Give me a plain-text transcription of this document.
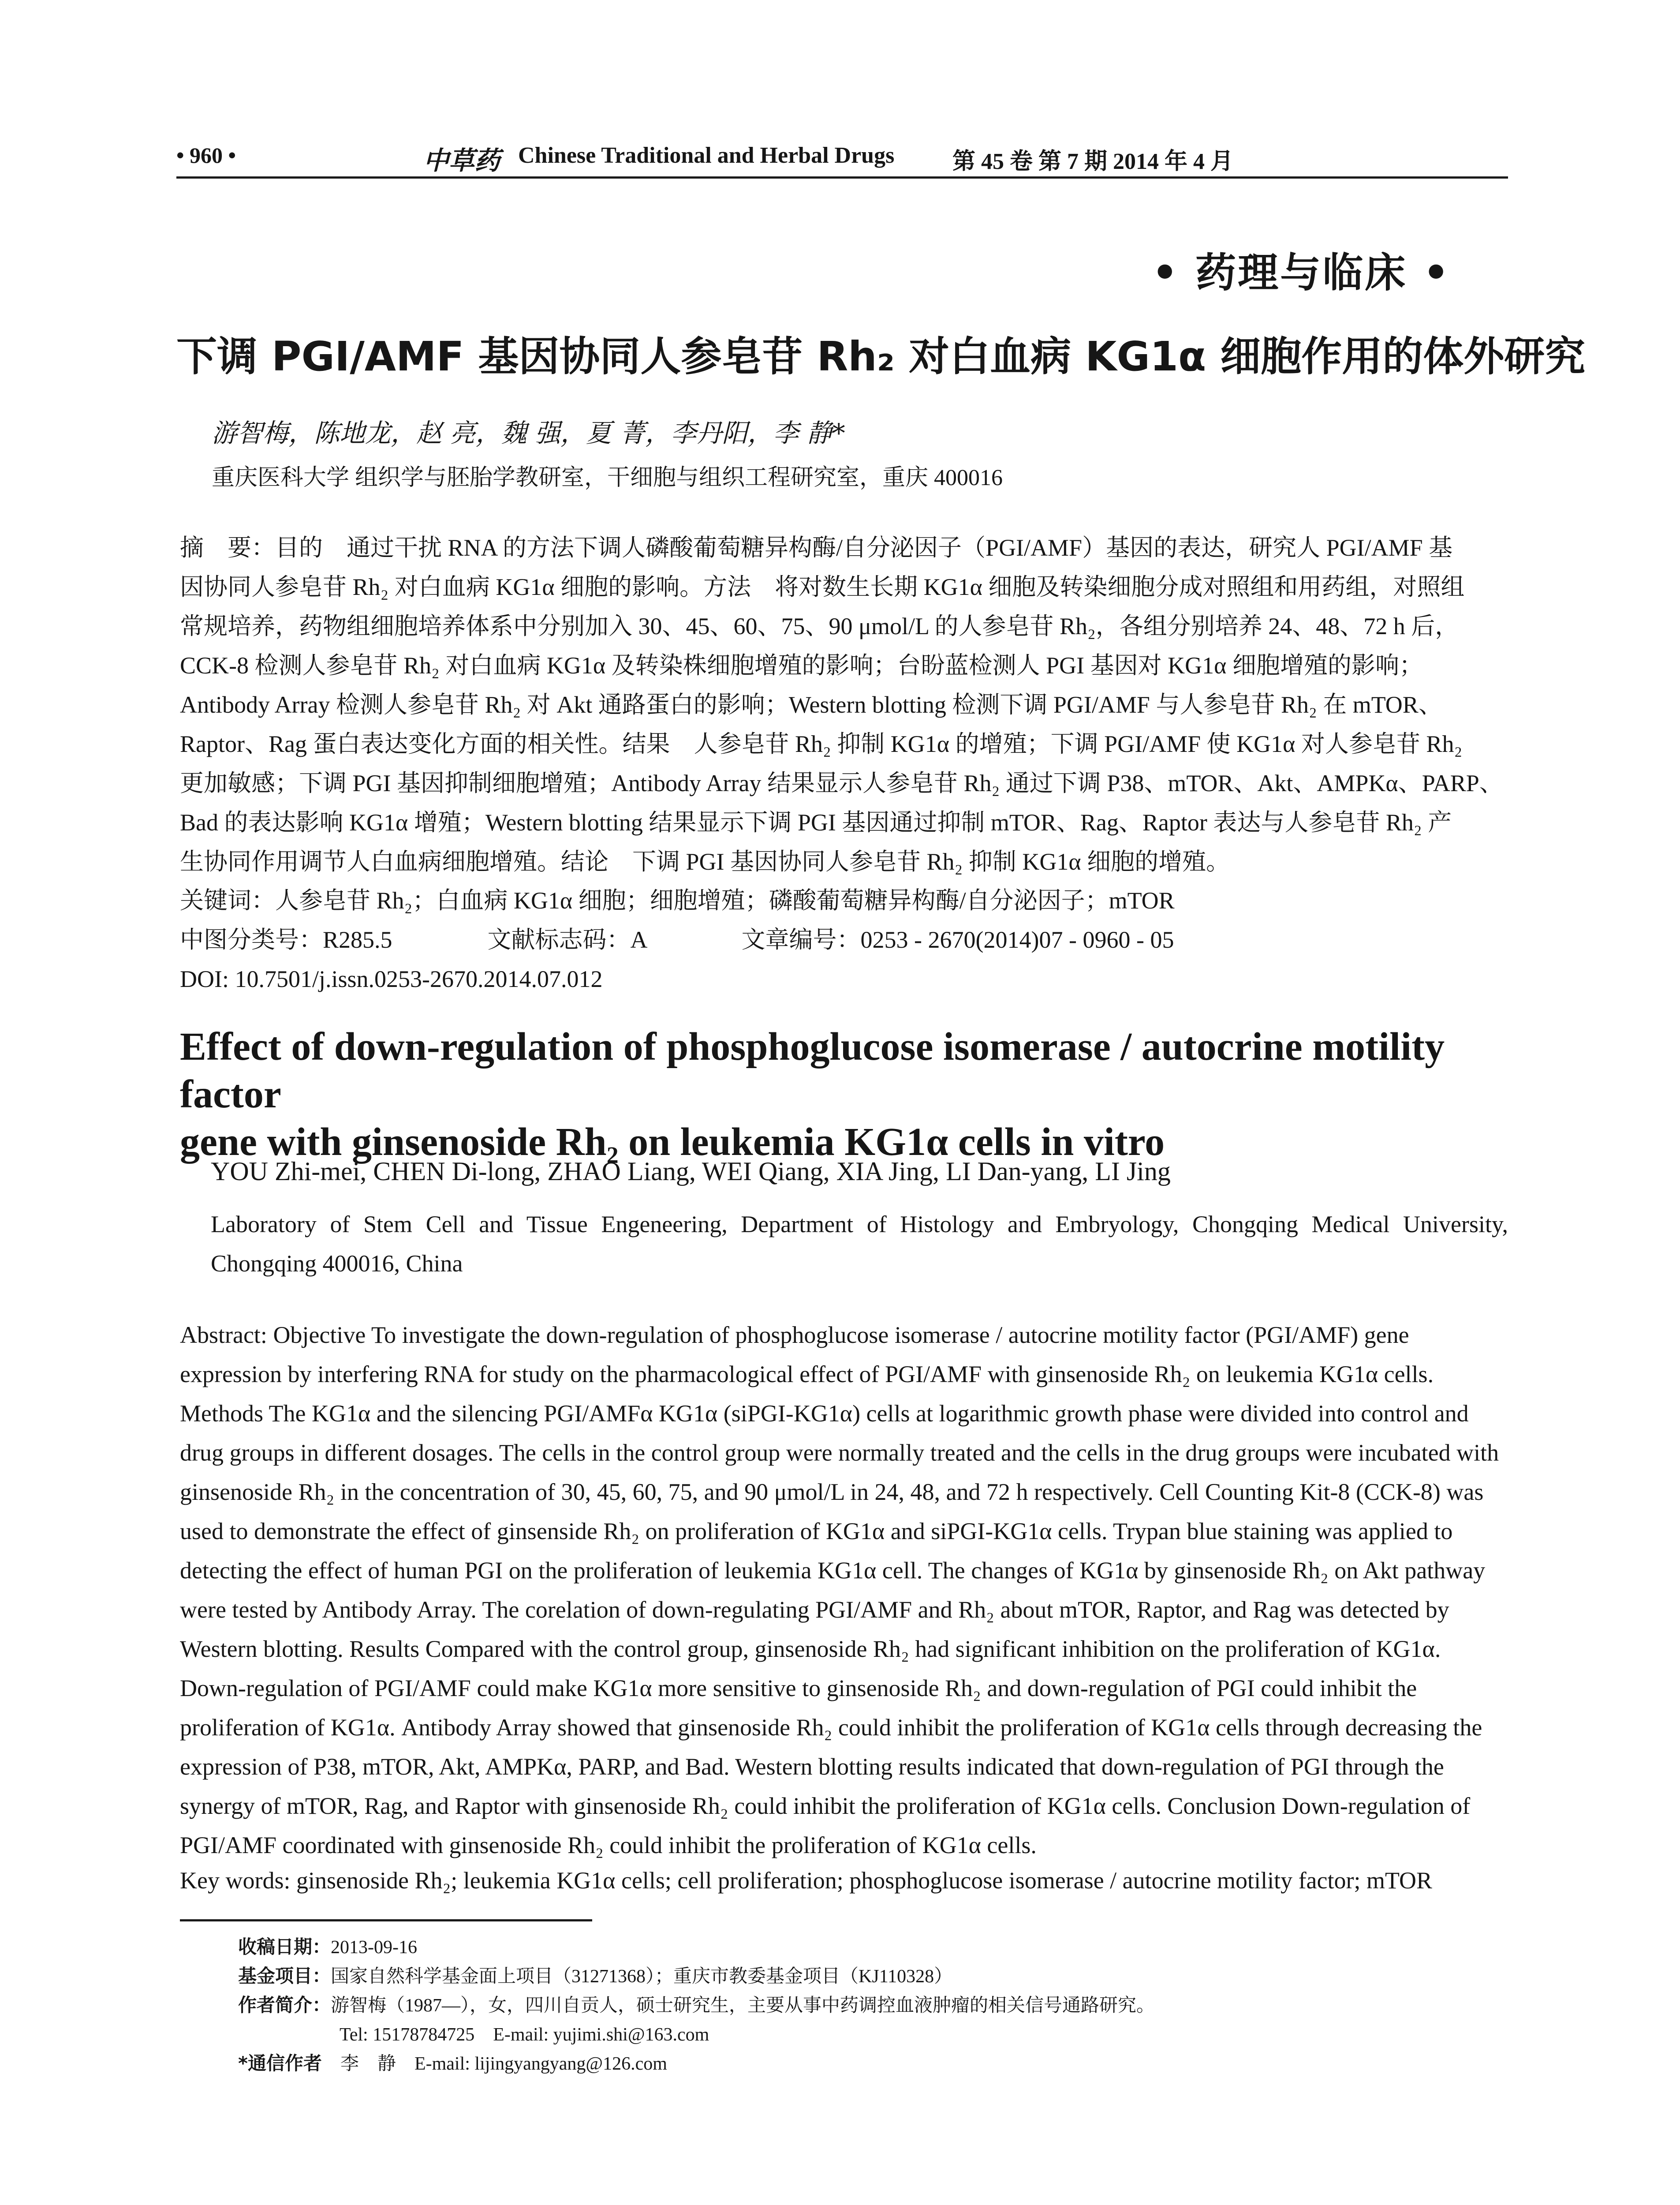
• 960 •	中草药 Chinese Traditional and Herbal Drugs	第 45 卷 第 7 期 2014 年 4 月
• 药理与临床 •
下调 PGI/AMF 基因协同人参皂苷 Rh₂ 对白血病 KG1α 细胞作用的体外研究
游智梅，陈地龙，赵 亮，魏 强，夏 菁，李丹阳，李 静*
重庆医科大学 组织学与胚胎学教研室，干细胞与组织工程研究室，重庆 400016
摘　要：目的　通过干扰 RNA 的方法下调人磷酸葡萄糖异构酶/自分泌因子（PGI/AMF）基因的表达，研究人 PGI/AMF 基
因协同人参皂苷 Rh₂ 对白血病 KG1α 细胞的影响。方法　将对数生长期 KG1α 细胞及转染细胞分成对照组和用药组，对照组
常规培养，药物组细胞培养体系中分别加入 30、45、60、75、90 μmol/L 的人参皂苷 Rh₂，各组分别培养 24、48、72 h 后，
CCK-8 检测人参皂苷 Rh₂ 对白血病 KG1α 及转染株细胞增殖的影响；台盼蓝检测人 PGI 基因对 KG1α 细胞增殖的影响；
Antibody Array 检测人参皂苷 Rh₂ 对 Akt 通路蛋白的影响；Western blotting 检测下调 PGI/AMF 与人参皂苷 Rh₂ 在 mTOR、
Raptor、Rag 蛋白表达变化方面的相关性。结果　人参皂苷 Rh₂ 抑制 KG1α 的增殖；下调 PGI/AMF 使 KG1α 对人参皂苷 Rh₂
更加敏感；下调 PGI 基因抑制细胞增殖；Antibody Array 结果显示人参皂苷 Rh₂ 通过下调 P38、mTOR、Akt、AMPKα、PARP、
Bad 的表达影响 KG1α 增殖；Western blotting 结果显示下调 PGI 基因通过抑制 mTOR、Rag、Raptor 表达与人参皂苷 Rh₂ 产
生协同作用调节人白血病细胞增殖。结论　下调 PGI 基因协同人参皂苷 Rh₂ 抑制 KG1α 细胞的增殖。
关键词：人参皂苷 Rh₂；白血病 KG1α 细胞；细胞增殖；磷酸葡萄糖异构酶/自分泌因子；mTOR
中图分类号：R285.5　　　　文献标志码：A　　　　文章编号：0253 - 2670(2014)07 - 0960 - 05
DOI: 10.7501/j.issn.0253-2670.2014.07.012
Effect of down-regulation of phosphoglucose isomerase / autocrine motility factor
gene with ginsenoside Rh₂ on leukemia KG1α cells in vitro
YOU Zhi-mei, CHEN Di-long, ZHAO Liang, WEI Qiang, XIA Jing, LI Dan-yang, LI Jing
Laboratory of Stem Cell and Tissue Engeneering, Department of Histology and Embryology, Chongqing Medical University, Chongqing 400016, China
Abstract: Objective To investigate the down-regulation of phosphoglucose isomerase / autocrine motility factor (PGI/AMF) gene
expression by interfering RNA for study on the pharmacological effect of PGI/AMF with ginsenoside Rh₂ on leukemia KG1α cells.
Methods The KG1α and the silencing PGI/AMFα KG1α (siPGI-KG1α) cells at logarithmic growth phase were divided into control and
drug groups in different dosages. The cells in the control group were normally treated and the cells in the drug groups were incubated with
ginsenoside Rh₂ in the concentration of 30, 45, 60, 75, and 90 μmol/L in 24, 48, and 72 h respectively. Cell Counting Kit-8 (CCK-8) was
used to demonstrate the effect of ginsenside Rh₂ on proliferation of KG1α and siPGI-KG1α cells. Trypan blue staining was applied to
detecting the effect of human PGI on the proliferation of leukemia KG1α cell. The changes of KG1α by ginsenoside Rh₂ on Akt pathway
were tested by Antibody Array. The corelation of down-regulating PGI/AMF and Rh₂ about mTOR, Raptor, and Rag was detected by
Western blotting. Results Compared with the control group, ginsenoside Rh₂ had significant inhibition on the proliferation of KG1α.
Down-regulation of PGI/AMF could make KG1α more sensitive to ginsenoside Rh₂ and down-regulation of PGI could inhibit the
proliferation of KG1α. Antibody Array showed that ginsenoside Rh₂ could inhibit the proliferation of KG1α cells through decreasing the
expression of P38, mTOR, Akt, AMPKα, PARP, and Bad. Western blotting results indicated that down-regulation of PGI through the
synergy of mTOR, Rag, and Raptor with ginsenoside Rh₂ could inhibit the proliferation of KG1α cells. Conclusion Down-regulation of
PGI/AMF coordinated with ginsenoside Rh₂ could inhibit the proliferation of KG1α cells.
Key words: ginsenoside Rh₂; leukemia KG1α cells; cell proliferation; phosphoglucose isomerase / autocrine motility factor; mTOR
收稿日期：2013-09-16
基金项目：国家自然科学基金面上项目（31271368）；重庆市教委基金项目（KJ110328）
作者简介：游智梅（1987—），女，四川自贡人，硕士研究生，主要从事中药调控血液肿瘤的相关信号通路研究。
Tel: 15178784725　E-mail: yujimi.shi@163.com
*通信作者　 李　静　E-mail: lijingyangyang@126.com
